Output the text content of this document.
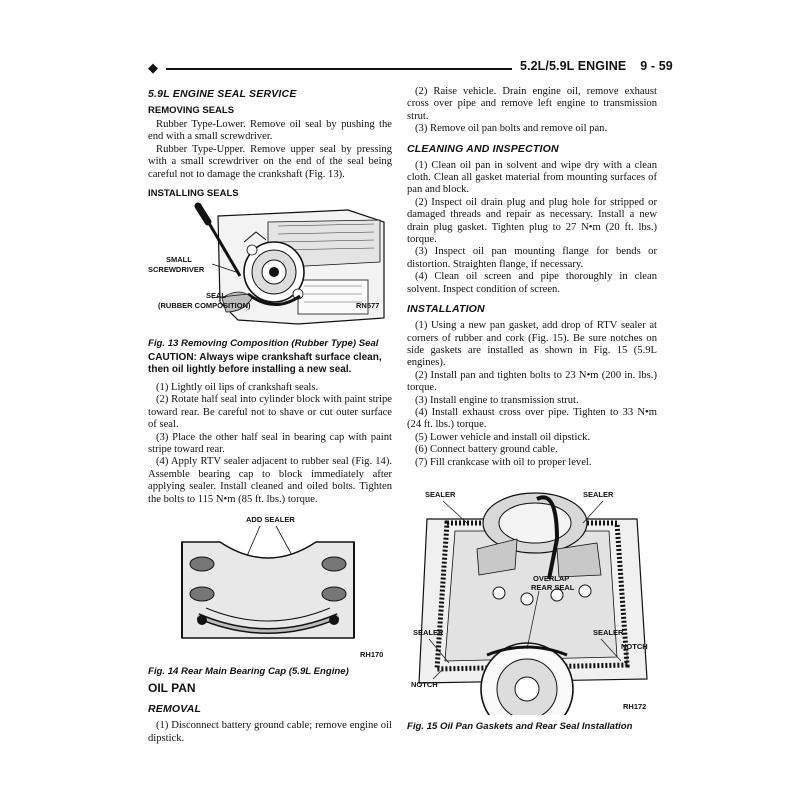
◆	5.2L/5.9L ENGINE 9 - 59
5.9L ENGINE SEAL SERVICE
REMOVING SEALS

Rubber Type-Lower. Remove oil seal by pushing the end with a small screwdriver.

Rubber Type-Upper. Remove upper seal by pressing with a small screwdriver on the end of the seal being careful not to damage the crankshaft (Fig. 13).

INSTALLING SEALS
SMALL
SCREWDRIVER
SEAL
(RUBBER COMPOSITION)	RN577
Fig. 13 Removing Composition (Rubber Type) Seal
CAUTION: Always wipe crankshaft surface clean, then oil lightly before installing a new seal.

(1) Lightly oil lips of crankshaft seals.

(2) Rotate half seal into cylinder block with paint stripe toward rear. Be careful not to shave or cut outer surface of seal.

(3) Place the other half seal in bearing cap with paint stripe toward rear.

(4) Apply RTV sealer adjacent to rubber seal (Fig. 14). Assemble bearing cap to block immediately after applying sealer. Install cleaned and oiled bolts. Tighten the bolts to 115 N•m (85 ft. lbs.) torque.

ADD SEALER
RH170
Fig. 14 Rear Main Bearing Cap (5.9L Engine)
OIL PAN
REMOVAL

(1) Disconnect battery ground cable; remove engine oil dipstick.

(2) Raise vehicle. Drain engine oil, remove exhaust cross over pipe and remove left engine to transmission strut.

(3) Remove oil pan bolts and remove oil pan.

CLEANING AND INSPECTION

(1) Clean oil pan in solvent and wipe dry with a clean cloth. Clean all gasket material from mounting surfaces of pan and block.

(2) Inspect oil drain plug and plug hole for stripped or damaged threads and repair as necessary. Install a new drain plug gasket. Tighten plug to 27 N•m (20 ft. lbs.) torque.

(3) Inspect oil pan mounting flange for bends or distortion. Straighten flange, if necessary.

(4) Clean oil screen and pipe thoroughly in clean solvent. Inspect condition of screen.

INSTALLATION

(1) Using a new pan gasket, add drop of RTV sealer at corners of rubber and cork (Fig. 15). Be sure notches on side gaskets are installed as shown in Fig. 15 (5.9L engines).

(2) Install pan and tighten bolts to 23 N•m (200 in. lbs.) torque.

(3) Install engine to transmission strut.

(4) Install exhaust cross over pipe. Tighten to 33 N•m (24 ft. lbs.) torque.

(5) Lower vehicle and install oil dipstick.

(6) Connect battery ground cable.

(7) Fill crankcase with oil to proper level.

SEALER	SEALER
OVERLAP
REAR SEAL
SEALER	SEALER
NOTCH
NOTCH
RH172
Fig. 15 Oil Pan Gaskets and Rear Seal Installation
